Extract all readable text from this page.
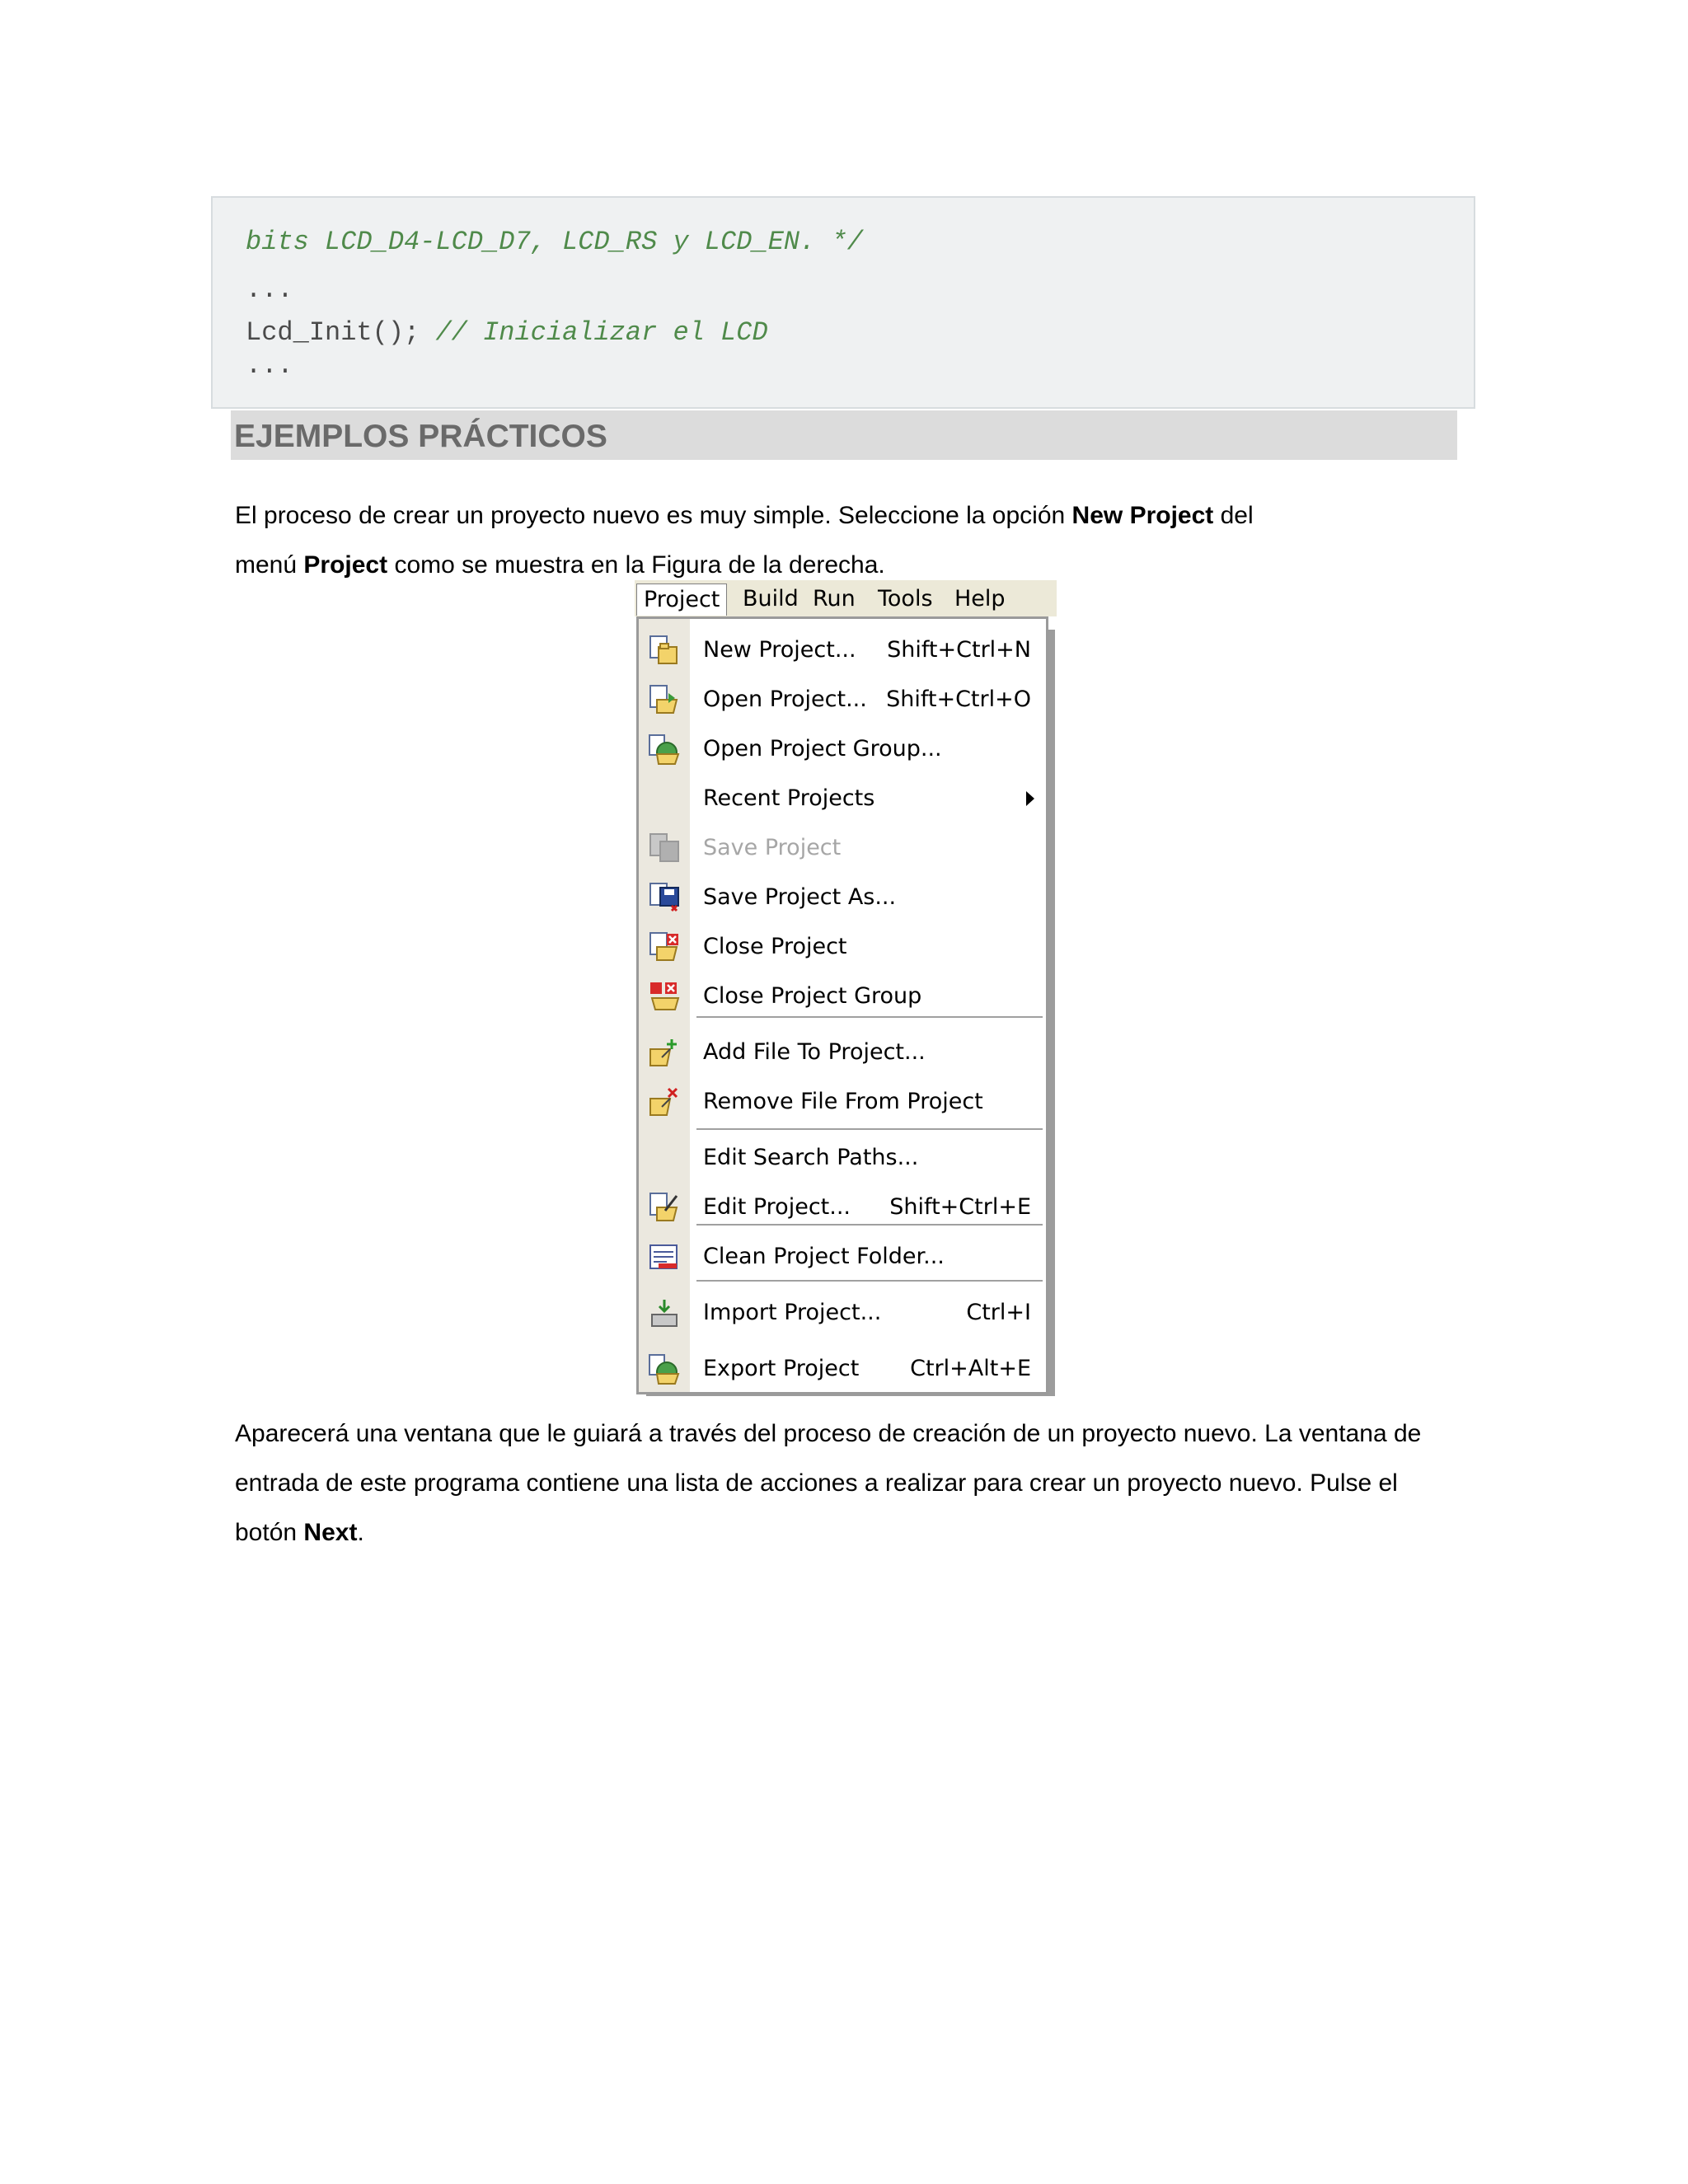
bits LCD_D4-LCD_D7, LCD_RS y LCD_EN. */
...
Lcd_Init(); // Inicializar el LCD
...
EJEMPLOS PRÁCTICOS
El proceso de crear un proyecto nuevo es muy simple. Seleccione la opción New Project del
menú Project como se muestra en la Figura de la derecha.
Project	Build Run Tools Help
New Project... Shift+Ctrl+N
Open Project... Shift+Ctrl+O
Open Project Group...
Recent Projects
Save Project
Save Project As...
Close Project
Close Project Group
Add File To Project...
Remove File From Project
Edit Search Paths...
Edit Project... Shift+Ctrl+E
Clean Project Folder...
Import Project...	Ctrl+I
Export Project Ctrl+Alt+E
Aparecerá una ventana que le guiará a través del proceso de creación de un proyecto nuevo. La ventana de
entrada de este programa contiene una lista de acciones a realizar para crear un proyecto nuevo. Pulse el
botón Next.
